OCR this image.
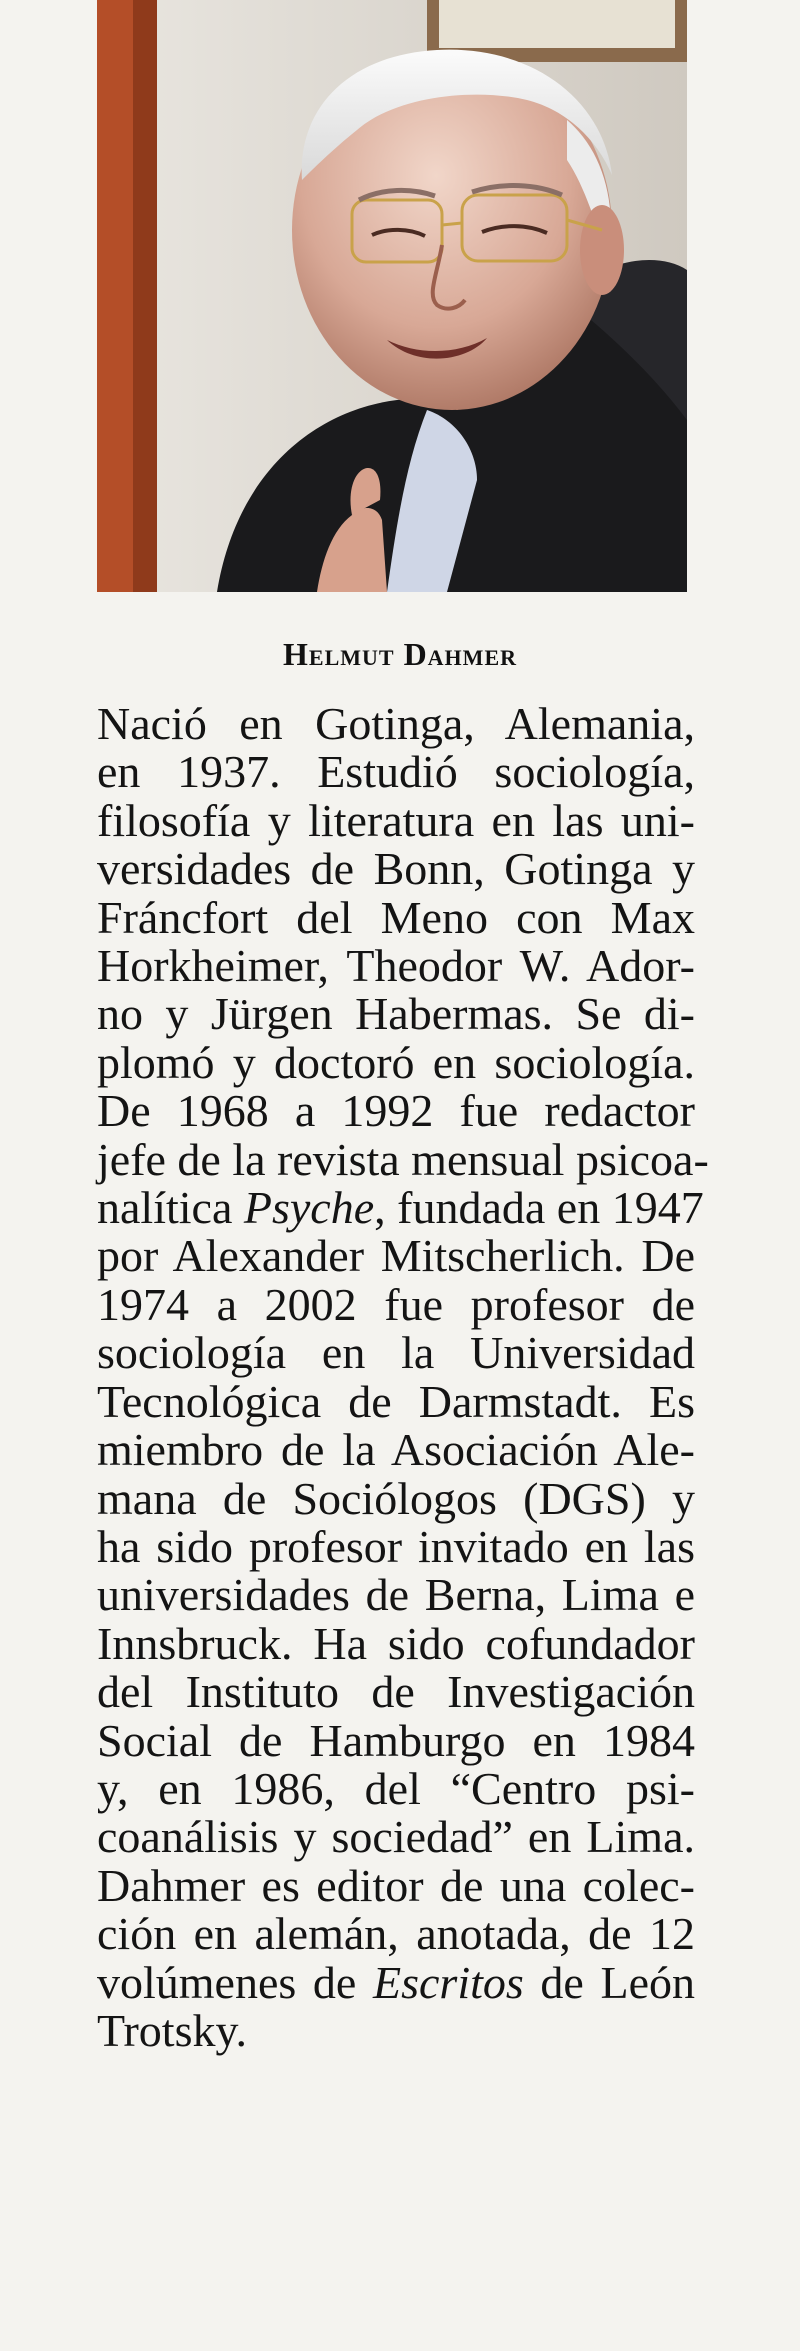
Helmut Dahmer
Nació en Gotinga, Alemania,
en 1937. Estudió sociología,
filosofía y literatura en las uni-
versidades de Bonn, Gotinga y
Fráncfort del Meno con Max
Horkheimer, Theodor W. Ador-
no y Jürgen Habermas. Se di-
plomó y doctoró en sociología.
De 1968 a 1992 fue redactor
jefe de la revista mensual psicoa-
nalítica Psyche, fundada en 1947
por Alexander Mitscherlich. De
1974 a 2002 fue profesor de
sociología en la Universidad
Tecnológica de Darmstadt. Es
miembro de la Asociación Ale-
mana de Sociólogos (DGS) y
ha sido profesor invitado en las
universidades de Berna, Lima e
Innsbruck. Ha sido cofundador
del Instituto de Investigación
Social de Hamburgo en 1984
y, en 1986, del “Centro psi-
coanálisis y sociedad” en Lima.
Dahmer es editor de una colec-
ción en alemán, anotada, de 12
volúmenes de Escritos de León
Trotsky.
